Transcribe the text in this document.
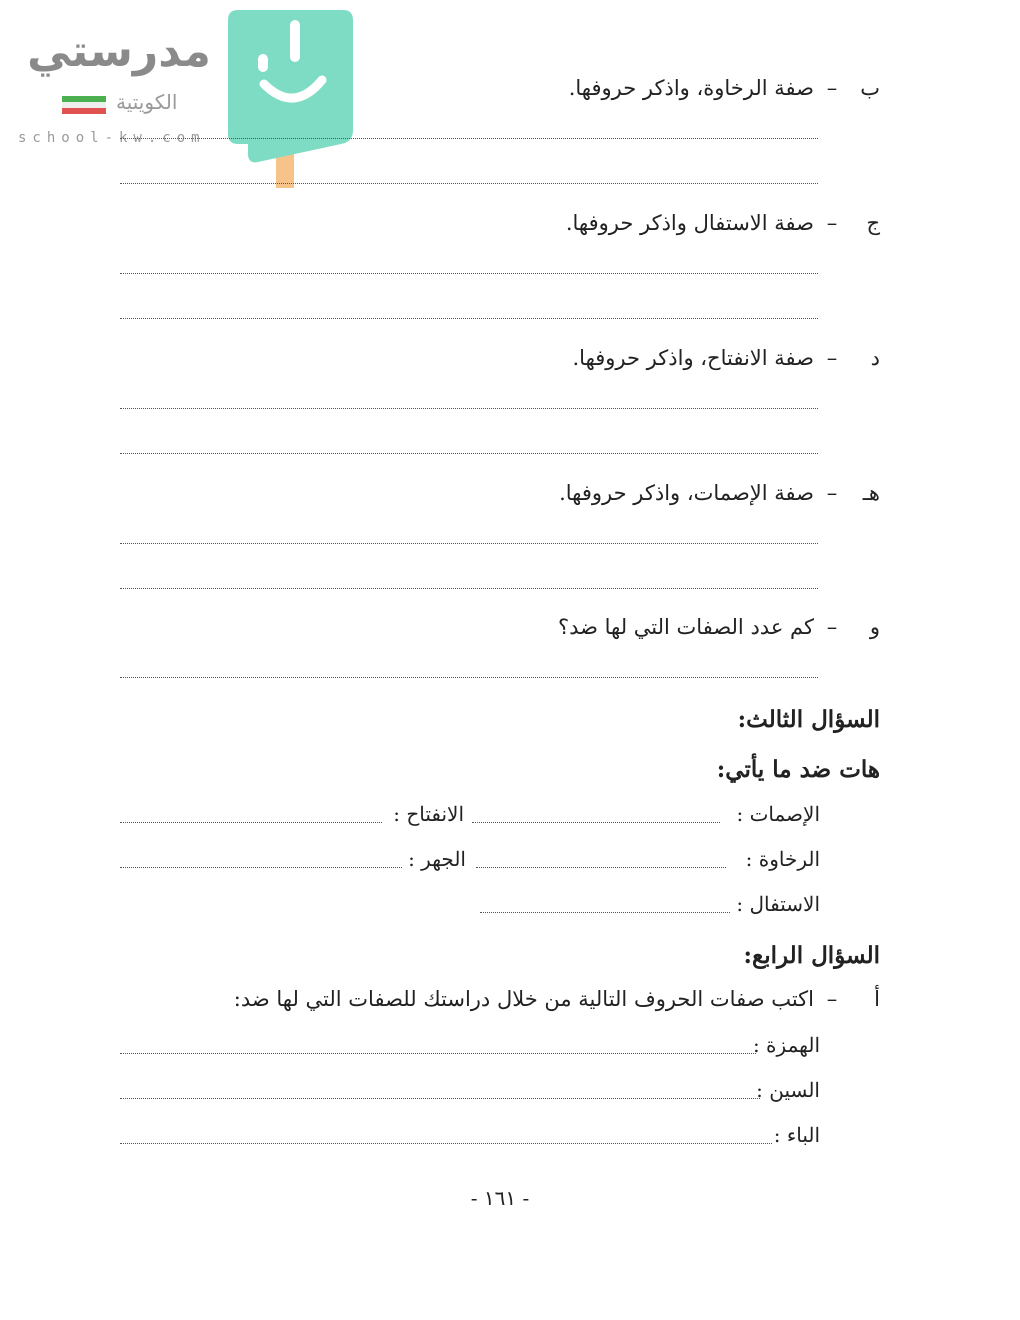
مدرستي
الكويتية
school-kw.com
ب–صفة الرخاوة، واذكر حروفها.
ج–صفة الاستفال واذكر حروفها.
د–صفة الانفتاح، واذكر حروفها.
هـ–صفة الإصمات، واذكر حروفها.
و–كم عدد الصفات التي لها ضد؟
السؤال الثالث:
هات ضد ما يأتي:
الإصمات :
الانفتاح :
الرخاوة :
الجهر :
الاستفال :
السؤال الرابع:
أ–اكتب صفات الحروف التالية من خلال دراستك للصفات التي لها ضد:
الهمزة :
السين :
الباء :
- ١٦١ -
